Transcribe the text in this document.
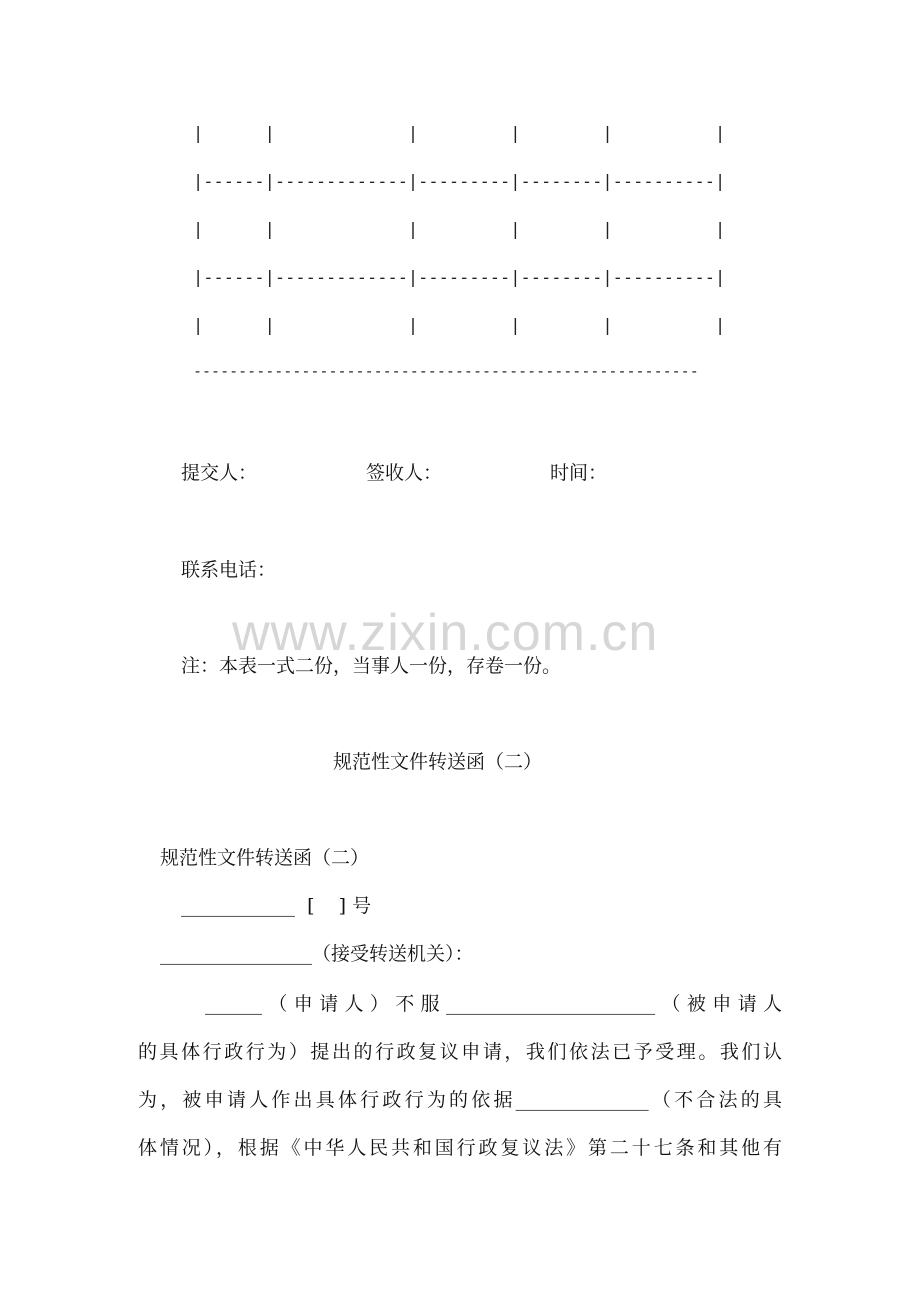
|      |             |         |        |          |
|------|-------------|---------|--------|----------|
|      |             |         |        |          |
|------|-------------|---------|--------|----------|
|      |             |         |        |          |
--------------------------------------------------------
提交人：	签收人：	时间：
联系电话：
www.zixin.com.cn
注：本表一式二份，当事人一份，存卷一份。
规范性文件转送函（二）
规范性文件转送函（二）
____________  [    ] 号
________________（接受转送机关）：
______（申请人）不服______________________（被申请人
的具体行政行为）提出的行政复议申请，我们依法已予受理。我们认
为，被申请人作出具体行政行为的依据______________（不合法的具
体情况），根据《中华人民共和国行政复议法》第二十七条和其他有
